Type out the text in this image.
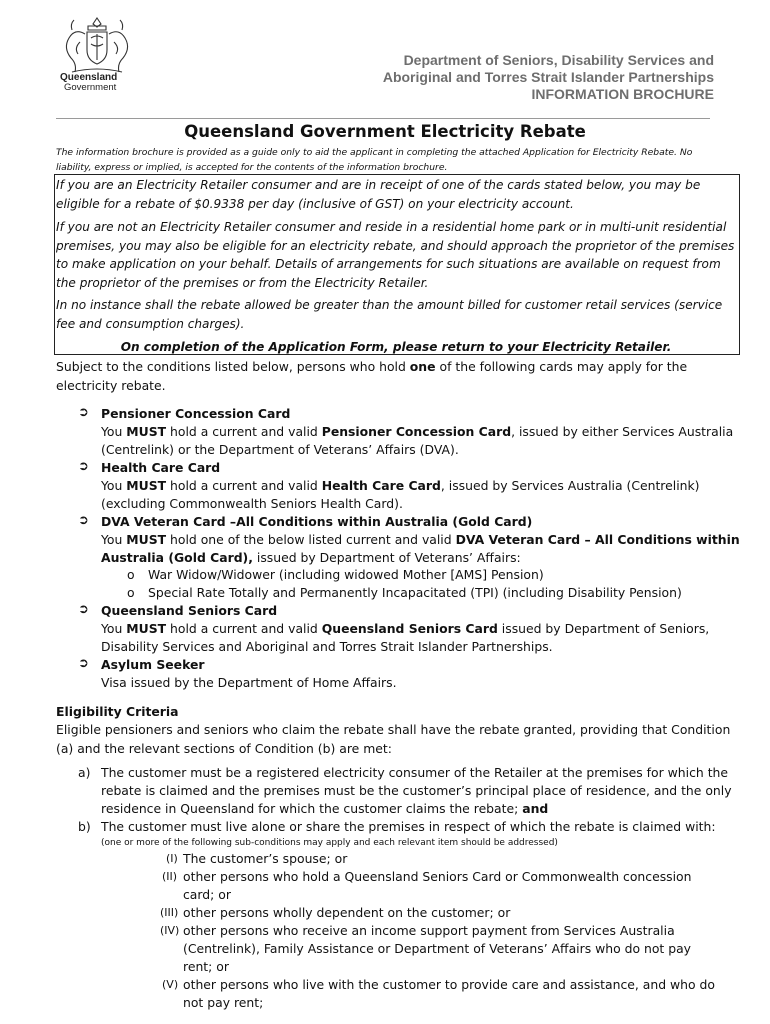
Queensland
Government
Department of Seniors, Disability Services and
Aboriginal and Torres Strait Islander Partnerships
INFORMATION BROCHURE
Queensland Government Electricity Rebate
The information brochure is provided as a guide only to aid the applicant in completing the attached Application for Electricity Rebate. No liability, express or implied, is accepted for the contents of the information brochure.
If you are an Electricity Retailer consumer and are in receipt of one of the cards stated below, you may be eligible for a rebate of $0.9338 per day (inclusive of GST) on your electricity account.
If you are not an Electricity Retailer consumer and reside in a residential home park or in multi-unit residential premises, you may also be eligible for an electricity rebate, and should approach the proprietor of the premises to make application on your behalf. Details of arrangements for such situations are available on request from the proprietor of the premises or from the Electricity Retailer.
In no instance shall the rebate allowed be greater than the amount billed for customer retail services (service fee and consumption charges).
On completion of the Application Form, please return to your Electricity Retailer.
Subject to the conditions listed below, persons who hold one of the following cards may apply for the electricity rebate.
➲ Pensioner Concession Card
You MUST hold a current and valid Pensioner Concession Card, issued by either Services Australia (Centrelink) or the Department of Veterans’ Affairs (DVA).
➲ Health Care Card
You MUST hold a current and valid Health Care Card, issued by Services Australia (Centrelink) (excluding Commonwealth Seniors Health Card).
➲ DVA Veteran Card –All Conditions within Australia (Gold Card)
You MUST hold one of the below listed current and valid DVA Veteran Card – All Conditions within Australia (Gold Card), issued by Department of Veterans’ Affairs:
o War Widow/Widower (including widowed Mother [AMS] Pension)
o Special Rate Totally and Permanently Incapacitated (TPI) (including Disability Pension)
➲ Queensland Seniors Card
You MUST hold a current and valid Queensland Seniors Card issued by Department of Seniors, Disability Services and Aboriginal and Torres Strait Islander Partnerships.
➲ Asylum Seeker
Visa issued by the Department of Home Affairs.
Eligibility Criteria
Eligible pensioners and seniors who claim the rebate shall have the rebate granted, providing that Condition (a) and the relevant sections of Condition (b) are met:
a) The customer must be a registered electricity consumer of the Retailer at the premises for which the rebate is claimed and the premises must be the customer’s principal place of residence, and the only residence in Queensland for which the customer claims the rebate; and
b) The customer must live alone or share the premises in respect of which the rebate is claimed with:
(one or more of the following sub-conditions may apply and each relevant item should be addressed)
(I) The customer’s spouse; or
(II) other persons who hold a Queensland Seniors Card or Commonwealth concession card; or
(III) other persons wholly dependent on the customer; or
(IV) other persons who receive an income support payment from Services Australia (Centrelink), Family Assistance or Department of Veterans’ Affairs who do not pay rent; or
(V) other persons who live with the customer to provide care and assistance, and who do not pay rent;
